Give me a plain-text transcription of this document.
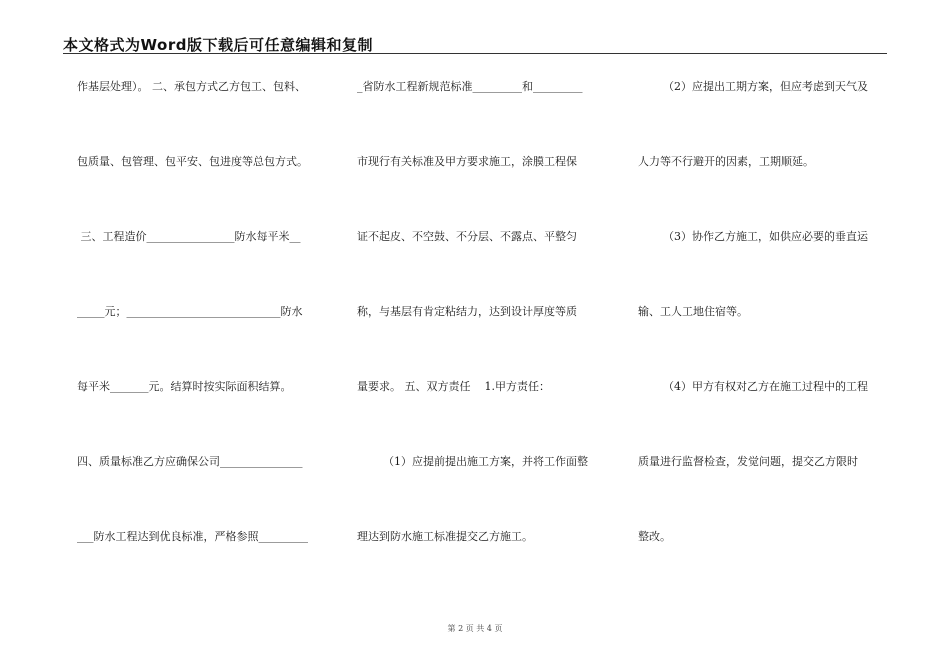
本文格式为Word版下载后可任意编辑和复制
作基层处理）。 二、承包方式乙方包工、包料、
包质量、包管理、包平安、包进度等总包方式。
三、工程造价________________防水每平米__
_____元；____________________________防水
每平米_______元。结算时按实际面积结算。
四、质量标准乙方应确保公司_______________
___防水工程达到优良标准，严格参照_________
_省防水工程新规范标准_________和_________
市现行有关标准及甲方要求施工，涂膜工程保
证不起皮、不空鼓、不分层、不露点、平整匀
称，与基层有肯定粘结力，达到设计厚度等质
量要求。 五、双方责任    1.甲方责任：
（1）应提前提出施工方案，并将工作面整
理达到防水施工标准提交乙方施工。
（2）应提出工期方案，但应考虑到天气及
人力等不行避开的因素，工期顺延。
（3）协作乙方施工，如供应必要的垂直运
输、工人工地住宿等。
（4）甲方有权对乙方在施工过程中的工程
质量进行监督检查，发觉问题，提交乙方限时
整改。
第 2 页 共 4 页
